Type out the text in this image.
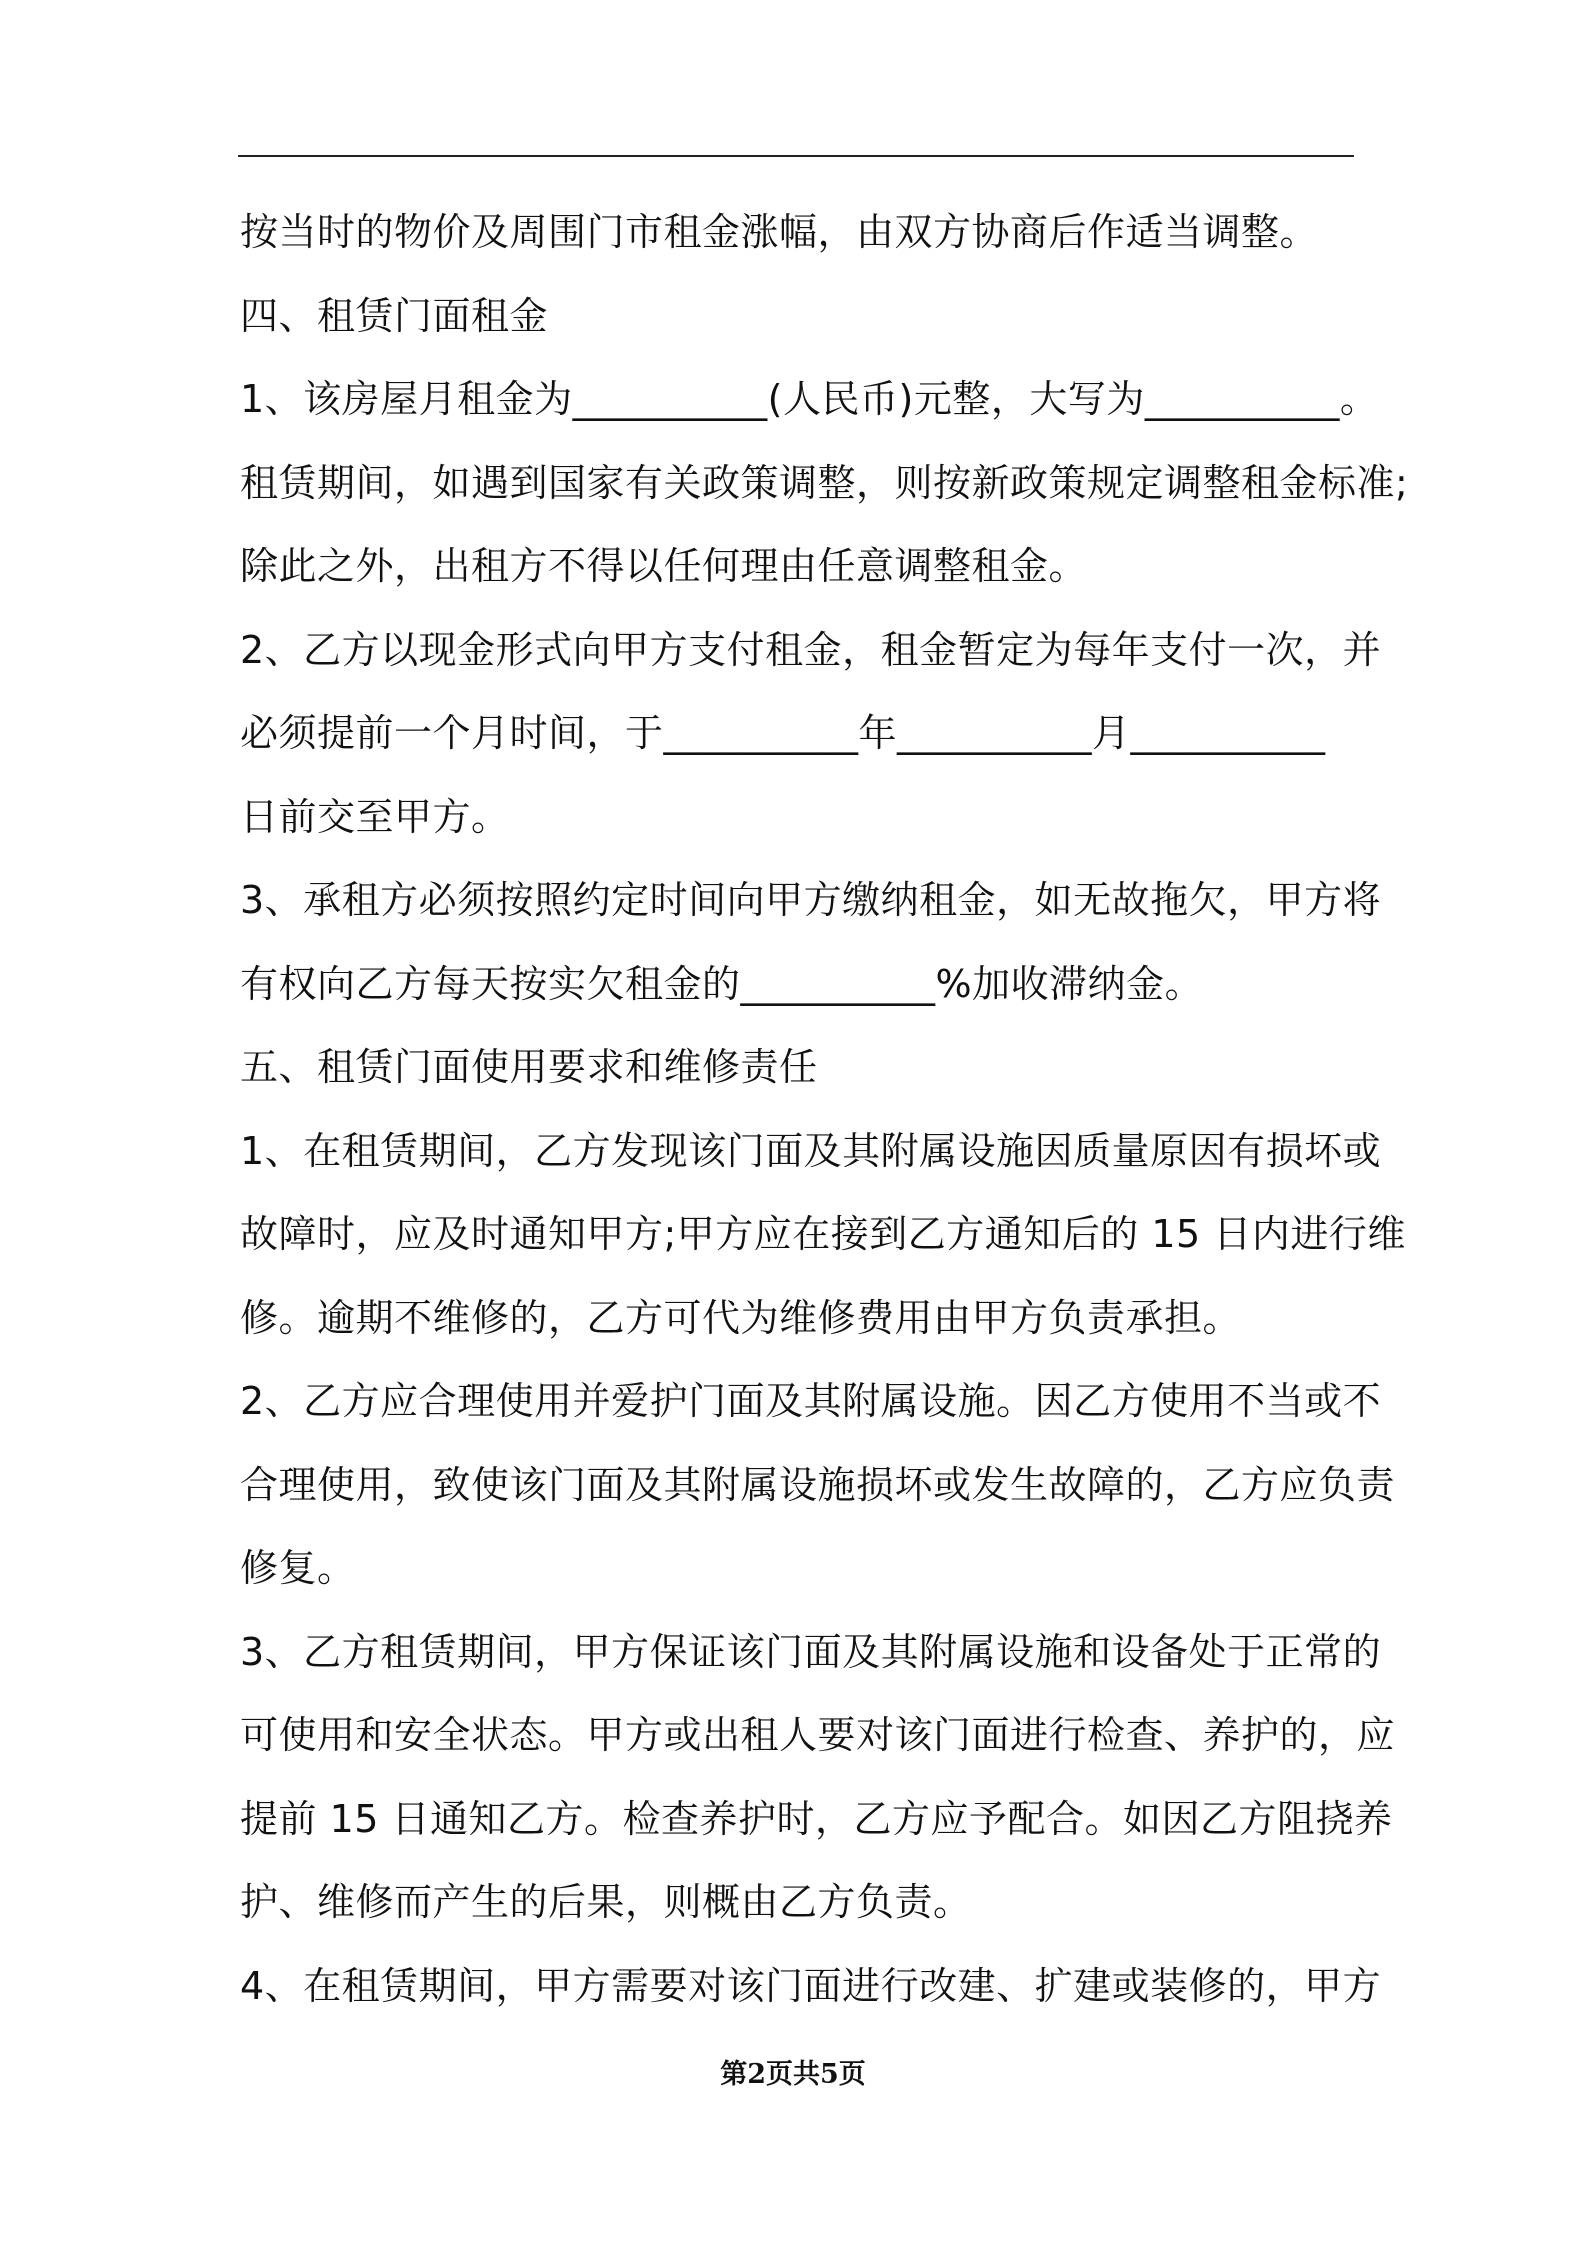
按当时的物价及周围门市租金涨幅，由双方协商后作适当调整。
四、租赁门面租金
1、该房屋月租金为__________(人民币)元整，大写为__________。
租赁期间，如遇到国家有关政策调整，则按新政策规定调整租金标准;
除此之外，出租方不得以任何理由任意调整租金。
2、乙方以现金形式向甲方支付租金，租金暂定为每年支付一次，并
必须提前一个月时间，于__________年__________月__________
日前交至甲方。
3、承租方必须按照约定时间向甲方缴纳租金，如无故拖欠，甲方将
有权向乙方每天按实欠租金的__________%加收滞纳金。
五、租赁门面使用要求和维修责任
1、在租赁期间，乙方发现该门面及其附属设施因质量原因有损坏或
故障时，应及时通知甲方;甲方应在接到乙方通知后的 15 日内进行维
修。逾期不维修的，乙方可代为维修费用由甲方负责承担。
2、乙方应合理使用并爱护门面及其附属设施。因乙方使用不当或不
合理使用，致使该门面及其附属设施损坏或发生故障的，乙方应负责
修复。
3、乙方租赁期间，甲方保证该门面及其附属设施和设备处于正常的
可使用和安全状态。甲方或出租人要对该门面进行检查、养护的，应
提前 15 日通知乙方。检查养护时，乙方应予配合。如因乙方阻挠养
护、维修而产生的后果，则概由乙方负责。
4、在租赁期间，甲方需要对该门面进行改建、扩建或装修的，甲方
第2页共5页
